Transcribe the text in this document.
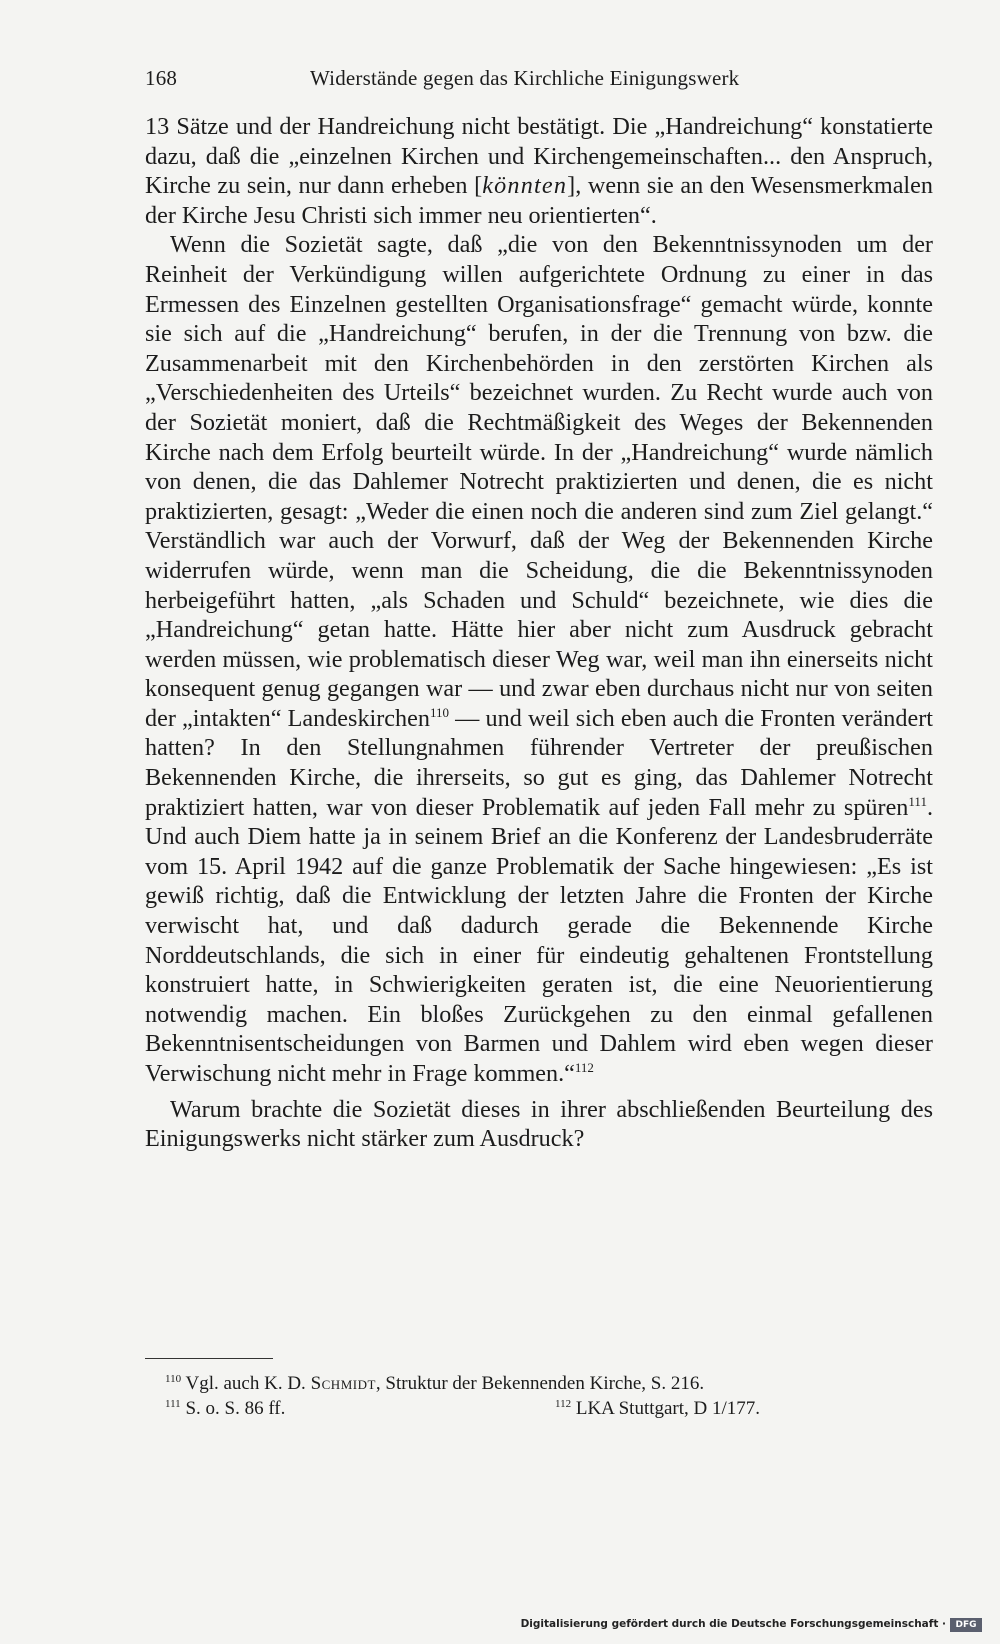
168	Widerstände gegen das Kirchliche Einigungswerk

13 Sätze und der Handreichung nicht bestätigt. Die „Handreichung“ konstatierte dazu, daß die „einzelnen Kirchen und Kirchengemeinschaften... den Anspruch, Kirche zu sein, nur dann erheben [könnten], wenn sie an den Wesensmerkmalen der Kirche Jesu Christi sich immer neu orientierten“.

Wenn die Sozietät sagte, daß „die von den Bekenntnissynoden um der Reinheit der Verkündigung willen aufgerichtete Ordnung zu einer in das Ermessen des Einzelnen gestellten Organisationsfrage“ gemacht würde, konnte sie sich auf die „Handreichung“ berufen, in der die Trennung von bzw. die Zusammenarbeit mit den Kirchenbehörden in den zerstörten Kirchen als „Verschiedenheiten des Urteils“ bezeichnet wurden. Zu Recht wurde auch von der Sozietät moniert, daß die Rechtmäßigkeit des Weges der Bekennenden Kirche nach dem Erfolg beurteilt würde. In der „Handreichung“ wurde nämlich von denen, die das Dahlemer Notrecht praktizierten und denen, die es nicht praktizierten, gesagt: „Weder die einen noch die anderen sind zum Ziel gelangt.“ Verständlich war auch der Vorwurf, daß der Weg der Bekennenden Kirche widerrufen würde, wenn man die Scheidung, die die Bekenntnissynoden herbeigeführt hatten, „als Schaden und Schuld“ bezeichnete, wie dies die „Handreichung“ getan hatte. Hätte hier aber nicht zum Ausdruck gebracht werden müssen, wie problematisch dieser Weg war, weil man ihn einerseits nicht konsequent genug gegangen war — und zwar eben durchaus nicht nur von seiten der „intakten“ Landeskirchen$^{110}$ — und weil sich eben auch die Fronten verändert hatten? In den Stellungnahmen führender Vertreter der preußischen Bekennenden Kirche, die ihrerseits, so gut es ging, das Dahlemer Notrecht praktiziert hatten, war von dieser Problematik auf jeden Fall mehr zu spüren$^{111}$. Und auch Diem hatte ja in seinem Brief an die Konferenz der Landesbruderräte vom 15. April 1942 auf die ganze Problematik der Sache hingewiesen: „Es ist gewiß richtig, daß die Entwicklung der letzten Jahre die Fronten der Kirche verwischt hat, und daß dadurch gerade die Bekennende Kirche Norddeutschlands, die sich in einer für eindeutig gehaltenen Frontstellung konstruiert hatte, in Schwierigkeiten geraten ist, die eine Neuorientierung notwendig machen. Ein bloßes Zurückgehen zu den einmal gefallenen Bekenntnisentscheidungen von Barmen und Dahlem wird eben wegen dieser Verwischung nicht mehr in Frage kommen.“$^{112}$

Warum brachte die Sozietät dieses in ihrer abschließenden Beurteilung des Einigungswerks nicht stärker zum Ausdruck?

$^{110}$ Vgl. auch K. D. Schmidt, Struktur der Bekennenden Kirche, S. 216.
$^{111}$ S. o. S. 86 ff.	$^{112}$ LKA Stuttgart, D 1/177.
Digitalisierung gefördert durch die Deutsche Forschungsgemeinschaft ·	DFG
